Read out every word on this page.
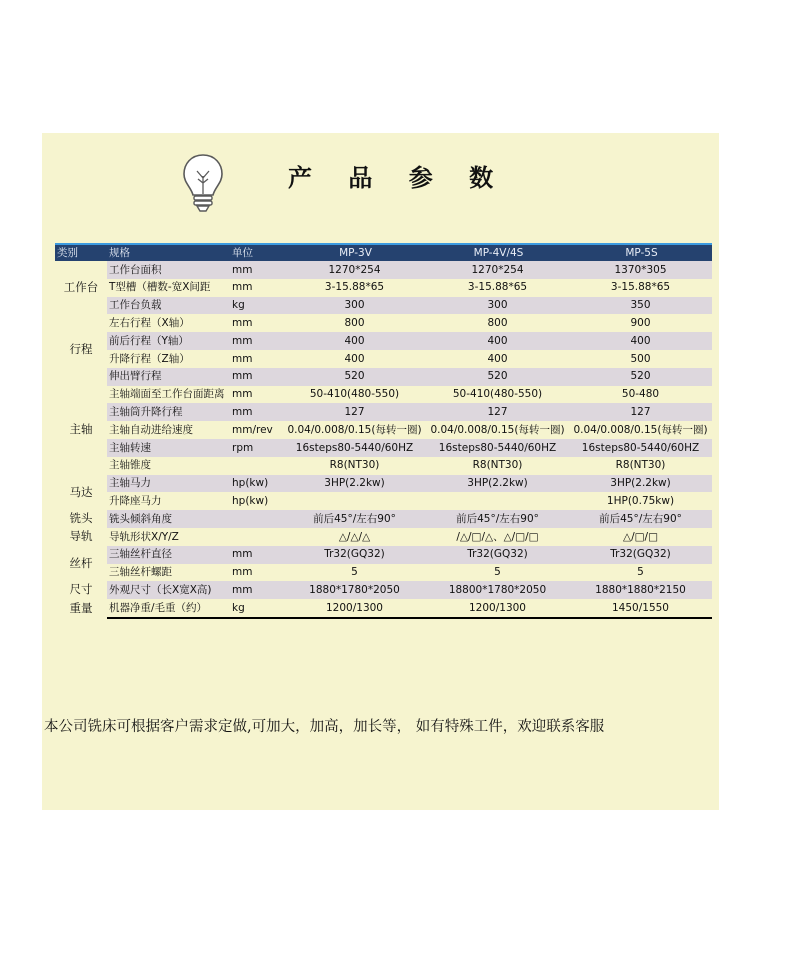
产 品 参 数
类别	规格	单位	MP-3V	MP-4V/4S	MP-5S
工作台	工作台面积	mm	1270*254	1270*254	1370*305
	T型槽（槽数-宽X间距	mm	3-15.88*65	3-15.88*65	3-15.88*65
	工作台负载	kg	300	300	350
行程	左右行程（X轴）	mm	800	800	900
	前后行程（Y轴）	mm	400	400	400
	升降行程（Z轴）	mm	400	400	500
	伸出臂行程	mm	520	520	520
主轴	主轴端面至工作台面距离	mm	50-410(480-550)	50-410(480-550)	50-480
	主轴筒升降行程	mm	127	127	127
	主轴自动进给速度	mm/rev	0.04/0.008/0.15(每转一圈)	0.04/0.008/0.15(每转一圈)	0.04/0.008/0.15(每转一圈)
	主轴转速	rpm	16steps80-5440/60HZ	16steps80-5440/60HZ	16steps80-5440/60HZ
	主轴锥度		R8(NT30)	R8(NT30)	R8(NT30)
马达	主轴马力	hp(kw)	3HP(2.2kw)	3HP(2.2kw)	3HP(2.2kw)
	升降座马力	hp(kw)			1HP(0.75kw)
铣头	铣头倾斜角度		前后45°/左右90°	前后45°/左右90°	前后45°/左右90°
导轨	导轨形状X/Y/Z		△/△/△	/△/□/△、△/□/□	△/□/□
丝杆	三轴丝杆直径	mm	Tr32(GQ32)	Tr32(GQ32)	Tr32(GQ32)
	三轴丝杆螺距	mm	5	5	5
尺寸	外观尺寸（长X宽X高)	mm	1880*1780*2050	18800*1780*2050	1880*1880*2150
重量	机器净重/毛重（约）	kg	1200/1300	1200/1300	1450/1550
本公司铣床可根据客户需求定做,可加大，加高，加长等， 如有特殊工件，欢迎联系客服
